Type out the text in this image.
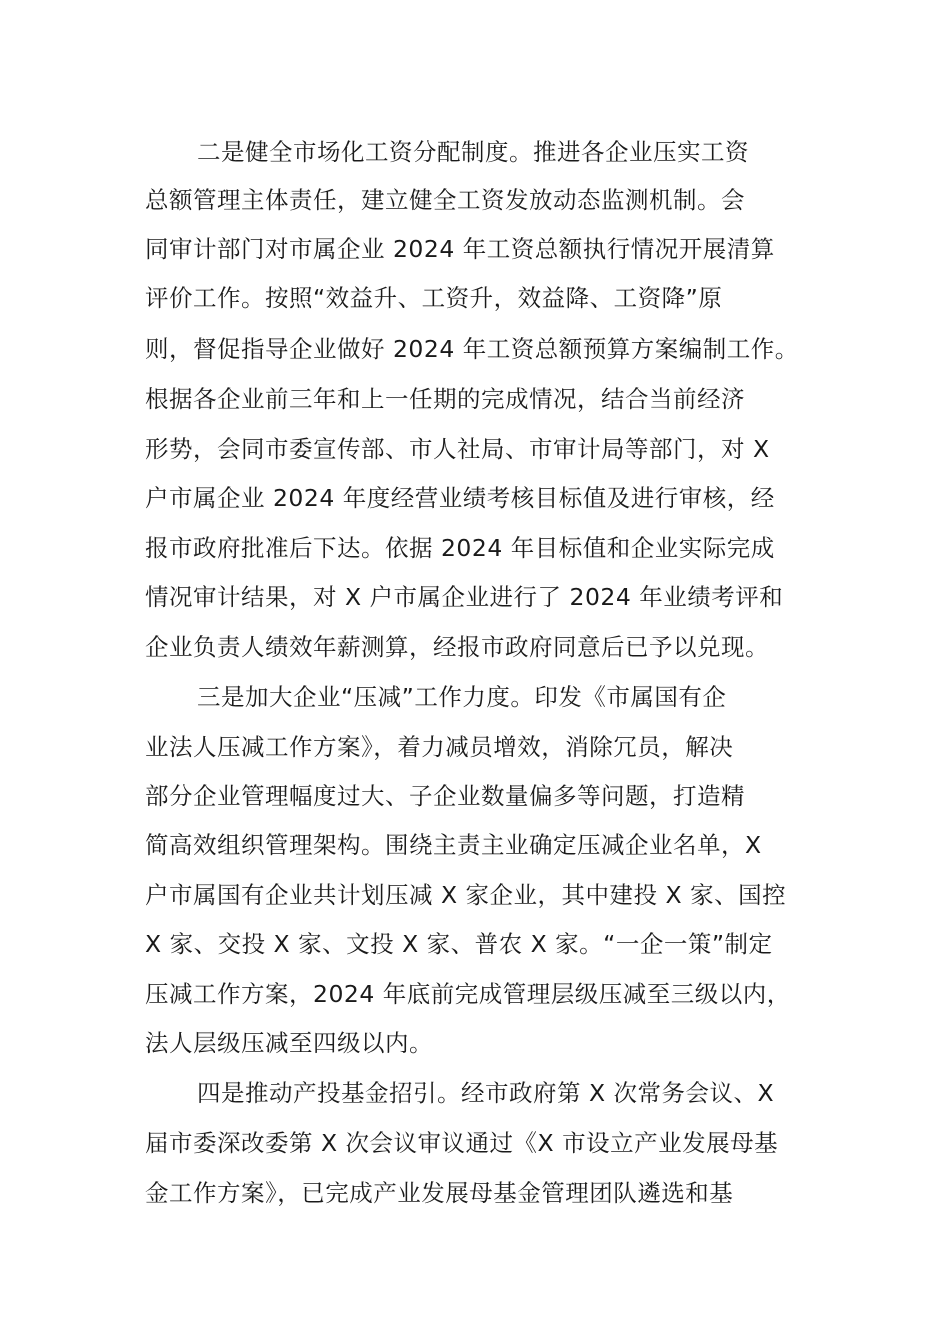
二是健全市场化工资分配制度。推进各企业压实工资
总额管理主体责任，建立健全工资发放动态监测机制。会
同审计部门对市属企业 2024 年工资总额执行情况开展清算
评价工作。按照“效益升、工资升，效益降、工资降”原
则，督促指导企业做好 2024 年工资总额预算方案编制工作。
根据各企业前三年和上一任期的完成情况，结合当前经济
形势，会同市委宣传部、市人社局、市审计局等部门，对 X
户市属企业 2024 年度经营业绩考核目标值及进行审核，经
报市政府批准后下达。依据 2024 年目标值和企业实际完成
情况审计结果，对 X 户市属企业进行了 2024 年业绩考评和
企业负责人绩效年薪测算，经报市政府同意后已予以兑现。
三是加大企业“压减”工作力度。印发《市属国有企
业法人压减工作方案》，着力减员增效，消除冗员，解决
部分企业管理幅度过大、子企业数量偏多等问题，打造精
简高效组织管理架构。围绕主责主业确定压减企业名单，X
户市属国有企业共计划压减 X 家企业，其中建投 X 家、国控
X 家、交投 X 家、文投 X 家、普农 X 家。“一企一策”制定
压减工作方案，2024 年底前完成管理层级压减至三级以内，
法人层级压减至四级以内。
四是推动产投基金招引。经市政府第 X 次常务会议、X
届市委深改委第 X 次会议审议通过《X 市设立产业发展母基
金工作方案》，已完成产业发展母基金管理团队遴选和基
